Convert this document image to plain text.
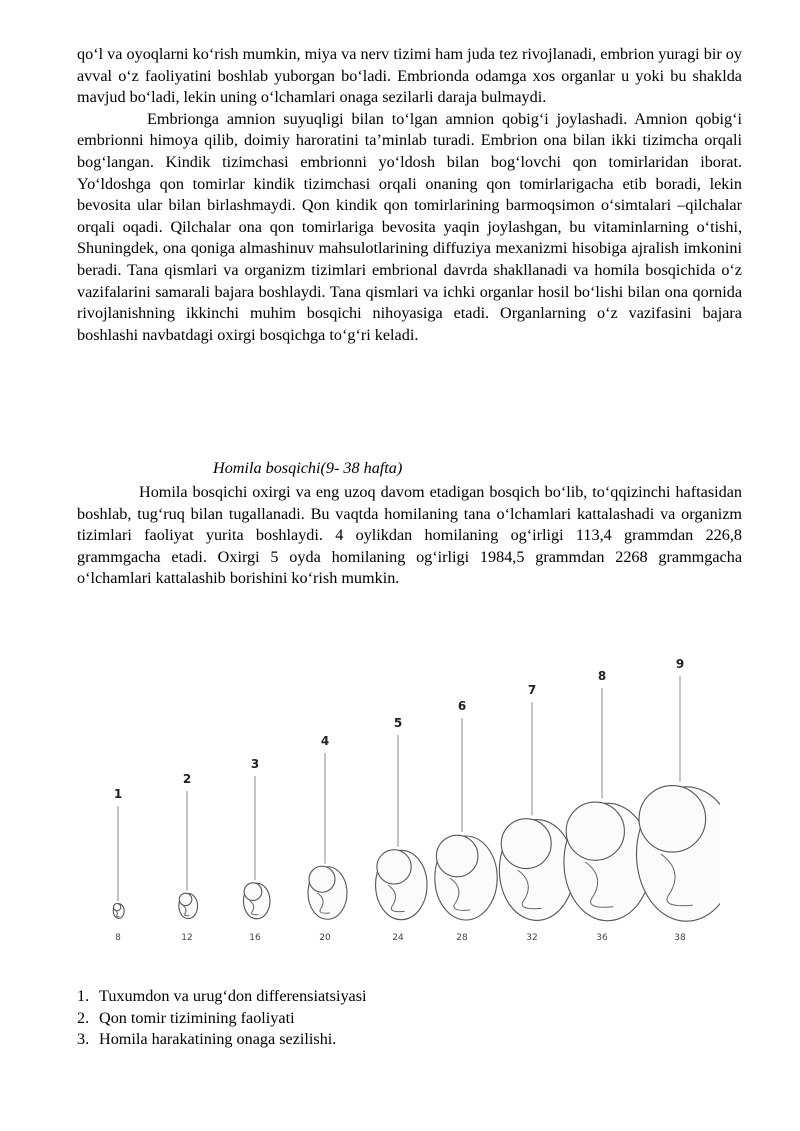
qo‘l va oyoqlarni ko‘rish mumkin, miya va nerv tizimi ham juda tez rivojlanadi, embrion yuragi bir oy avval o‘z faoliyatini boshlab yuborgan bo‘ladi. Embrionda odamga xos organlar u yoki bu shaklda mavjud bo‘ladi, lekin uning o‘lchamlari onaga sezilarli daraja bulmaydi.

Embrionga amnion suyuqligi bilan to‘lgan amnion qobig‘i joylashadi. Amnion qobig‘i embrionni himoya qilib, doimiy haroratini ta’minlab turadi. Embrion ona bilan ikki tizimcha orqali bog‘langan. Kindik tizimchasi embrionni yo‘ldosh bilan bog‘lovchi qon tomirlaridan iborat. Yo‘ldoshga qon tomirlar kindik tizimchasi orqali onaning qon tomirlarigacha etib boradi, lekin bevosita ular bilan birlashmaydi. Qon kindik qon tomirlarining barmoqsimon o‘simtalari –qilchalar orqali oqadi. Qilchalar ona qon tomirlariga bevosita yaqin joylashgan, bu vitaminlarning o‘tishi, Shuningdek, ona qoniga almashinuv mahsulotlarining diffuziya mexanizmi hisobiga ajralish imkonini beradi. Tana qismlari va organizm tizimlari embrional davrda shakllanadi va homila bosqichida o‘z vazifalarini samarali bajara boshlaydi. Tana qismlari va ichki organlar hosil bo‘lishi bilan ona qornida rivojlanishning ikkinchi muhim bosqichi nihoyasiga etadi. Organlarning o‘z vazifasini bajara boshlashi navbatdagi oxirgi bosqichga to‘g‘ri keladi.

Homila bosqichi(9- 38 hafta)

Homila bosqichi oxirgi va eng uzoq davom etadigan bosqich bo‘lib, to‘qqizinchi haftasidan boshlab, tug‘ruq bilan tugallanadi. Bu vaqtda homilaning tana o‘lchamlari kattalashadi va organizm tizimlari faoliyat yurita boshlaydi. 4 oylikdan homilaning og‘irligi 113,4 grammdan 226,8 grammgacha etadi. Oxirgi 5 oyda homilaning og‘irligi 1984,5 grammdan 2268 grammgacha o‘lchamlari kattalashib borishini ko‘rish mumkin.

1
8
2
12
3
16
4
20
5
24
6
28
7
32
8
36
9
38
1. Tuxumdon va urug‘don differensiatsiyasi
2. Qon tomir tizimining faoliyati
3. Homila harakatining onaga sezilishi.
